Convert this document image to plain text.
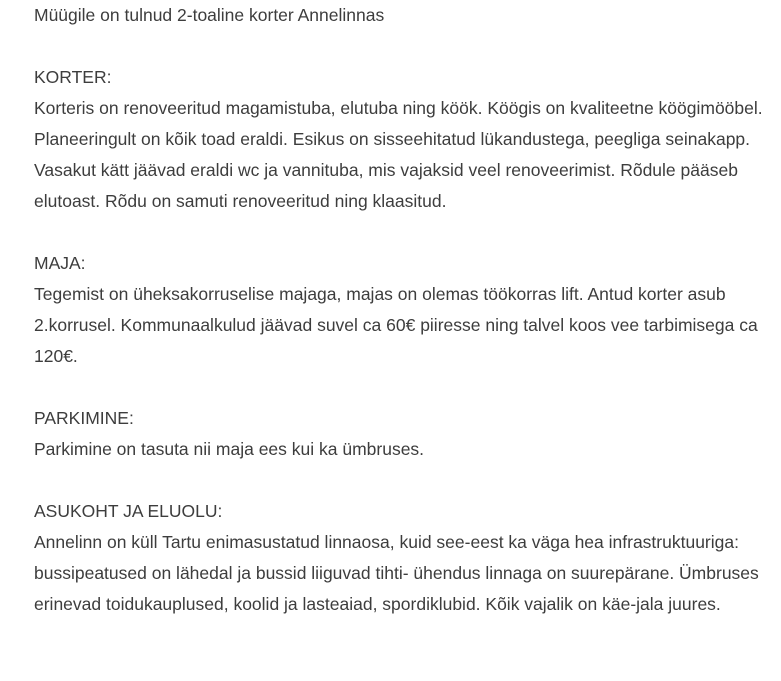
Müügile on tulnud 2-toaline korter Annelinnas

KORTER:
Korteris on renoveeritud magamistuba, elutuba ning köök. Köögis on kvaliteetne köögimööbel. Planeeringult on kõik toad eraldi. Esikus on sisseehitatud lükandustega, peegliga seinakapp. Vasakut kätt jäävad eraldi wc ja vannituba, mis vajaksid veel renoveerimist. Rõdule pääseb elutoast. Rõdu on samuti renoveeritud ning klaasitud.

MAJA:
Tegemist on üheksakorruselise majaga, majas on olemas töökorras lift. Antud korter asub 2.korrusel. Kommunaalkulud jäävad suvel ca 60€ piiresse ning talvel koos vee tarbimisega ca 120€.

PARKIMINE:
Parkimine on tasuta nii maja ees kui ka ümbruses.

ASUKOHT JA ELUOLU:
Annelinn on küll Tartu enimasustatud linnaosa, kuid see-eest ka väga hea infrastruktuuriga: bussipeatused on lähedal ja bussid liiguvad tihti- ühendus linnaga on suurepärane. Ümbruses erinevad toidukauplused, koolid ja lasteaiad, spordiklubid. Kõik vajalik on käe-jala juures.
